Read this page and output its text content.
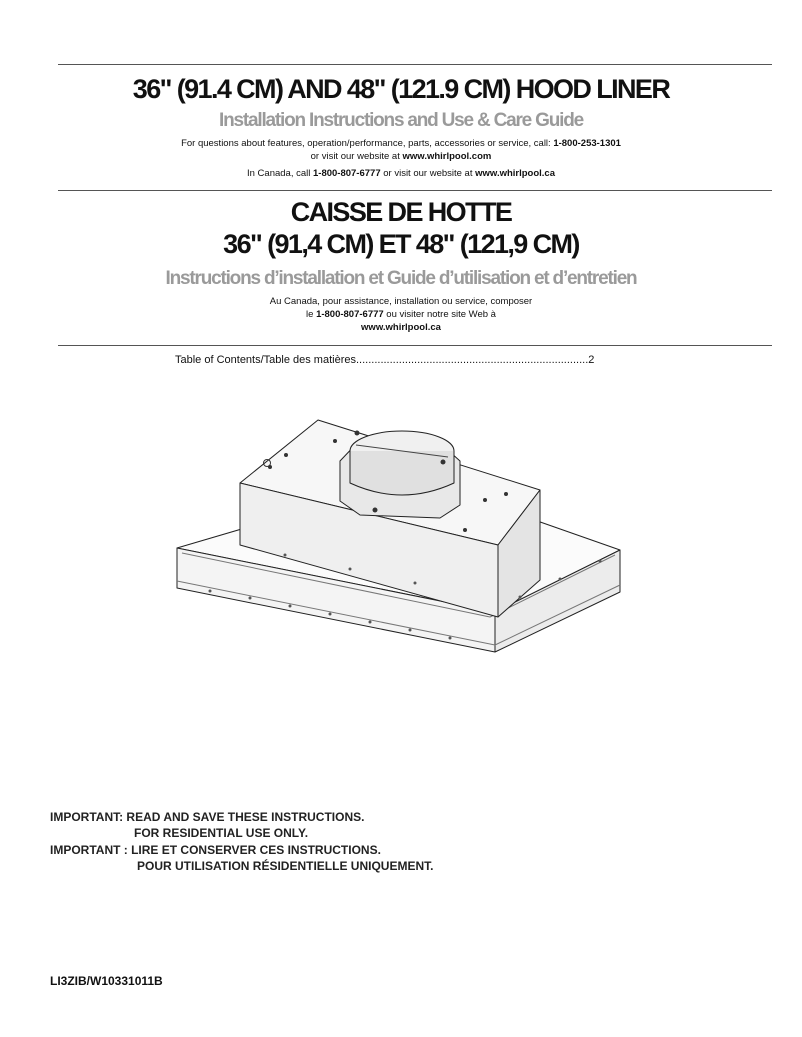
36" (91.4 CM) AND 48" (121.9 CM) HOOD LINER
Installation Instructions and Use & Care Guide
For questions about features, operation/performance, parts, accessories or service, call: 1-800-253-1301
or visit our website at www.whirlpool.com
In Canada, call 1-800-807-6777 or visit our website at www.whirlpool.ca
CAISSE DE HOTTE
36" (91,4 CM) ET 48" (121,9 CM)
Instructions d’installation et Guide d’utilisation et d’entretien
Au Canada, pour assistance, installation ou service, composer
le 1-800-807-6777 ou visiter notre site Web à
www.whirlpool.ca
Table of Contents/Table des matières............................................................................2
IMPORTANT: READ AND SAVE THESE INSTRUCTIONS.
FOR RESIDENTIAL USE ONLY.
IMPORTANT : LIRE ET CONSERVER CES INSTRUCTIONS.
POUR UTILISATION RÉSIDENTIELLE UNIQUEMENT.
LI3ZIB/W10331011B
